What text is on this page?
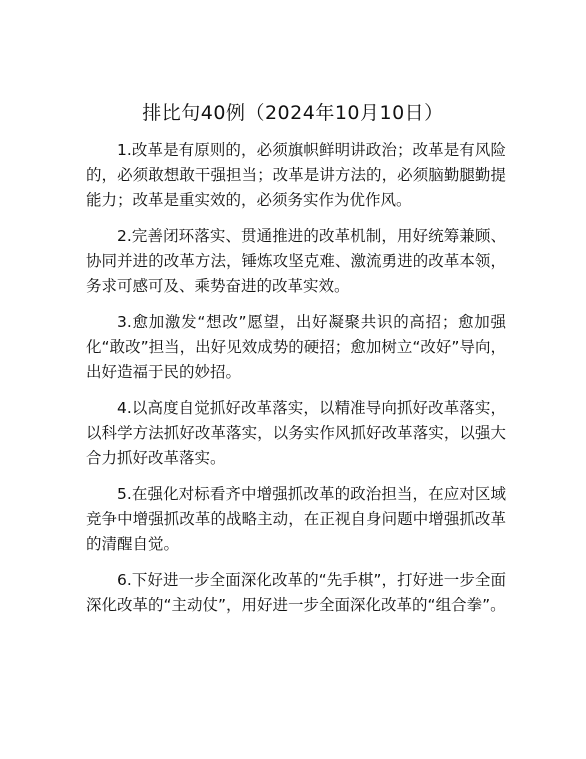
排比句40例（2024年10月10日）

1.改革是有原则的，必须旗帜鲜明讲政治；改革是有风险的，必须敢想敢干强担当；改革是讲方法的，必须脑勤腿勤提能力；改革是重实效的，必须务实作为优作风。

2.完善闭环落实、贯通推进的改革机制，用好统筹兼顾、协同并进的改革方法，锤炼攻坚克难、激流勇进的改革本领，务求可感可及、乘势奋进的改革实效。

3.愈加激发“想改”愿望，出好凝聚共识的高招；愈加强化“敢改”担当，出好见效成势的硬招；愈加树立“改好”导向，出好造福于民的妙招。

4.以高度自觉抓好改革落实，以精准导向抓好改革落实，以科学方法抓好改革落实，以务实作风抓好改革落实，以强大合力抓好改革落实。

5.在强化对标看齐中增强抓改革的政治担当，在应对区域竞争中增强抓改革的战略主动，在正视自身问题中增强抓改革的清醒自觉。

6.下好进一步全面深化改革的“先手棋”，打好进一步全面深化改革的“主动仗”，用好进一步全面深化改革的“组合拳”。
